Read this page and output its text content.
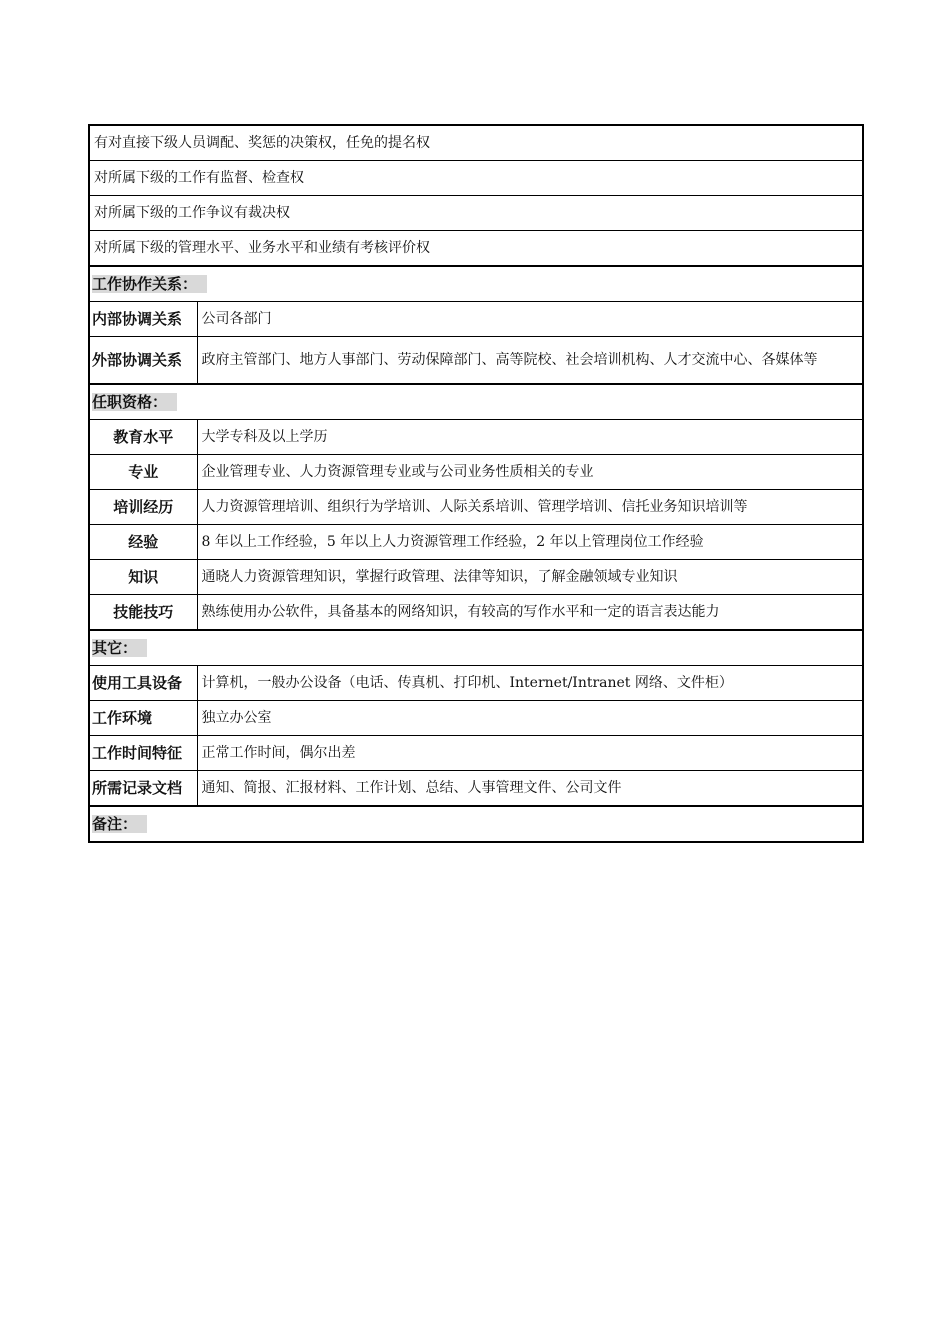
有对直接下级人员调配、奖惩的决策权，任免的提名权	
对所属下级的工作有监督、检查权	
对所属下级的工作争议有裁决权	
对所属下级的管理水平、业务水平和业绩有考核评价权	
工作协作关系：	
内部协调关系	公司各部门
外部协调关系	政府主管部门、地方人事部门、劳动保障部门、高等院校、社会培训机构、人才交流中心、各媒体等
任职资格：	
教育水平	大学专科及以上学历
专业	企业管理专业、人力资源管理专业或与公司业务性质相关的专业
培训经历	人力资源管理培训、组织行为学培训、人际关系培训、管理学培训、信托业务知识培训等
经验	8 年以上工作经验，5 年以上人力资源管理工作经验，2 年以上管理岗位工作经验
知识	通晓人力资源管理知识，掌握行政管理、法律等知识，了解金融领域专业知识
技能技巧	熟练使用办公软件，具备基本的网络知识，有较高的写作水平和一定的语言表达能力
其它：	
使用工具设备	计算机，一般办公设备（电话、传真机、打印机、Internet/Intranet 网络、文件柜）
工作环境	独立办公室
工作时间特征	正常工作时间，偶尔出差
所需记录文档	通知、简报、汇报材料、工作计划、总结、人事管理文件、公司文件
备注：	
